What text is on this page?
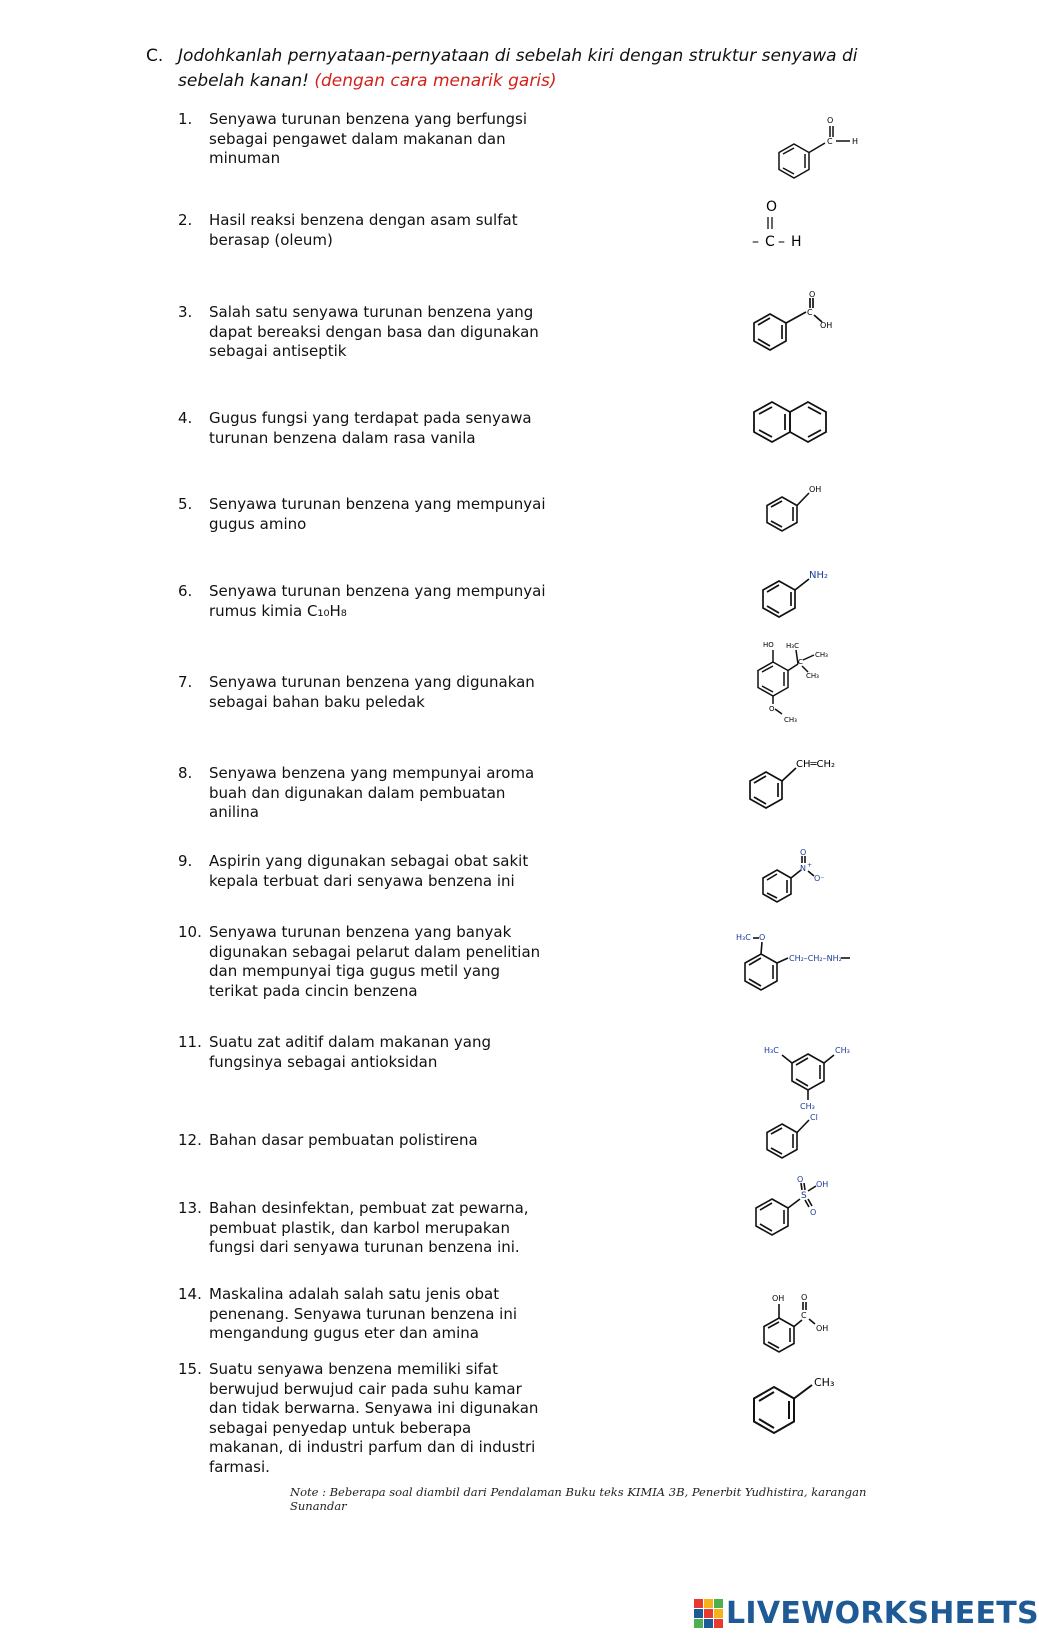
C. Jodohkanlah pernyataan-pernyataan di sebelah kiri dengan struktur senyawa di sebelah kanan! (dengan cara menarik garis)
1.	Senyawa turunan benzena yang berfungsi sebagai pengawet dalam makanan dan minuman
2.	Hasil reaksi benzena dengan asam sulfat berasap (oleum)
3.	Salah satu senyawa turunan benzena yang dapat bereaksi dengan basa dan digunakan sebagai antiseptik
4.	Gugus fungsi yang terdapat pada senyawa turunan benzena dalam rasa vanila
5.	Senyawa turunan benzena yang mempunyai gugus amino
6.	Senyawa turunan benzena yang mempunyai rumus kimia C₁₀H₈
7.	Senyawa turunan benzena yang digunakan sebagai bahan baku peledak
8.	Senyawa benzena yang mempunyai aroma buah dan digunakan dalam pembuatan anilina
9.	Aspirin yang digunakan sebagai obat sakit kepala terbuat dari senyawa benzena ini
10. Senyawa turunan benzena yang banyak digunakan sebagai pelarut dalam penelitian dan mempunyai tiga gugus metil yang terikat pada cincin benzena
11. Suatu zat aditif dalam makanan yang fungsinya sebagai antioksidan
12. Bahan dasar pembuatan polistirena
13. Bahan desinfektan, pembuat zat pewarna, pembuat plastik, dan karbol merupakan fungsi dari senyawa turunan benzena ini.
14. Maskalina adalah salah satu jenis obat penenang. Senyawa turunan benzena ini mengandung gugus eter dan amina
15. Suatu senyawa benzena memiliki sifat berwujud berwujud cair pada suhu kamar dan tidak berwarna. Senyawa ini digunakan sebagai penyedap untuk beberapa makanan, di industri parfum dan di industri farmasi.
O
C H
O
– C – H
O
C
OH
OH
NH₂
HO H₃C
C
CH₃
CH₃
O
CH₃
CH═CH₂
O
N +
O⁻
H₃C O
CH₂–CH₂–NH₂
H₃C	CH₃
CH₃
Cl
O
S
OH
O
OH O
C
OH
CH₃
Note : Beberapa soal diambil dari Pendalaman Buku teks KIMIA 3B, Penerbit Yudhistira, karangan Sunandar
LIVEWORKSHEETS
